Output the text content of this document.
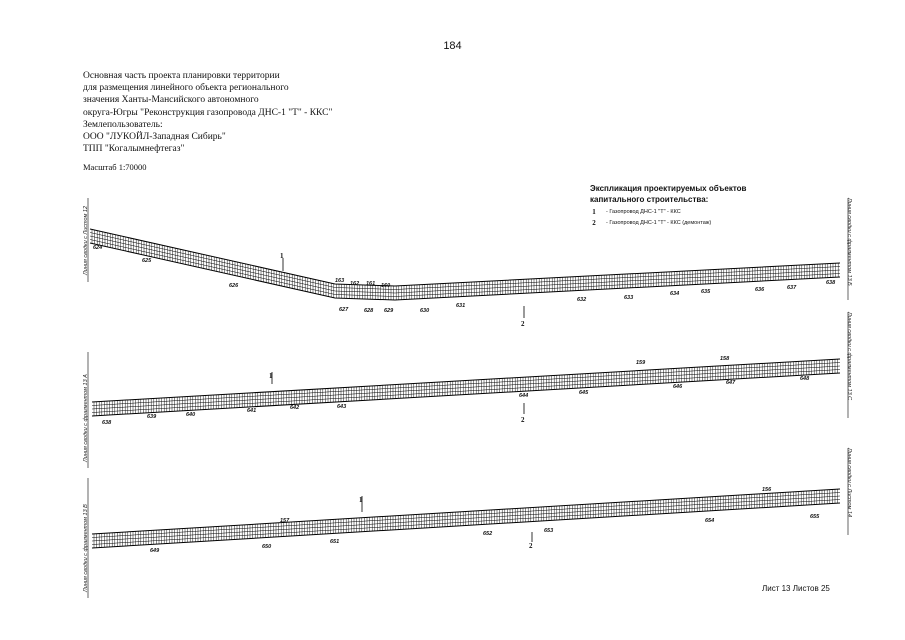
184
Основная часть проекта планировки территории
для размещения линейного объекта регионального
значения Ханты-Мансийского автономного
округа-Югры "Реконструкция газопровода ДНС-1 "Т" - ККС"
Землепользователь:
ООО "ЛУКОЙЛ-Западная Сибирь"
ТПП "Когалымнефтегаз"
Масштаб 1:70000
Экспликация проектируемых объектов
капитального строительства:
1	- Газопровод ДНС-1 "Т" - ККС
2	- Газопровод ДНС-1 "Т" - ККС (демонтаж)
624
625
626
627	628 629	630
631
632	633
634	635	636	637
638
163 162 161 160
1
2
638
639	640
641	642	643
644	645
646
647
648
159
158
1
2
649
650
651
652	653
654
655
157
156
1
2
Линия сводки с Листом 12	Линия сводки с фрагментом 13 Б
Линия сводки с фрагментом 13 А
Линия сводки с фрагментом 13 С
Линия сводки с фрагментом 13 В
Линия сводки с Листом 14
Лист 13 Листов 25
